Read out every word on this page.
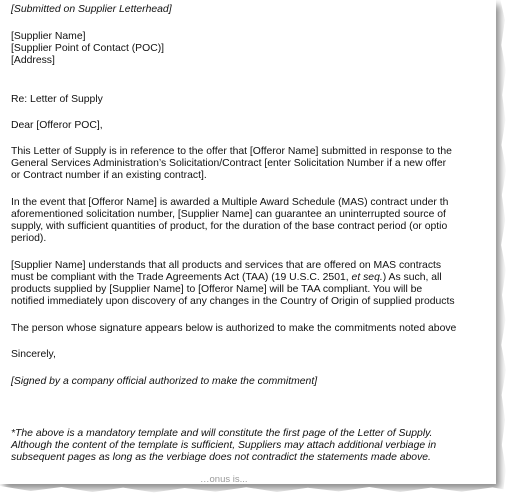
[Submitted on Supplier Letterhead]
[Supplier Name]
[Supplier Point of Contact (POC)]
[Address]
Re: Letter of Supply
Dear [Offeror POC],
This Letter of Supply is in reference to the offer that [Offeror Name] submitted in response to the
General Services Administration’s Solicitation/Contract [enter Solicitation Number if a new offer
or Contract number if an existing contract].
In the event that [Offeror Name] is awarded a Multiple Award Schedule (MAS) contract under th
aforementioned solicitation number, [Supplier Name] can guarantee an uninterrupted source of
supply, with sufficient quantities of product, for the duration of the base contract period (or optio
period).
[Supplier Name] understands that all products and services that are offered on MAS contracts
must be compliant with the Trade Agreements Act (TAA) (19 U.S.C. 2501, et seq.) As such, all
products supplied by [Supplier Name] to [Offeror Name] will be TAA compliant. You will be
notified immediately upon discovery of any changes in the Country of Origin of supplied products
The person whose signature appears below is authorized to make the commitments noted above
Sincerely,
[Signed by a company official authorized to make the commitment]
*The above is a mandatory template and will constitute the first page of the Letter of Supply.
Although the content of the template is sufficient, Suppliers may attach additional verbiage in
subsequent pages as long as the verbiage does not contradict the statements made above.
…onus is...
